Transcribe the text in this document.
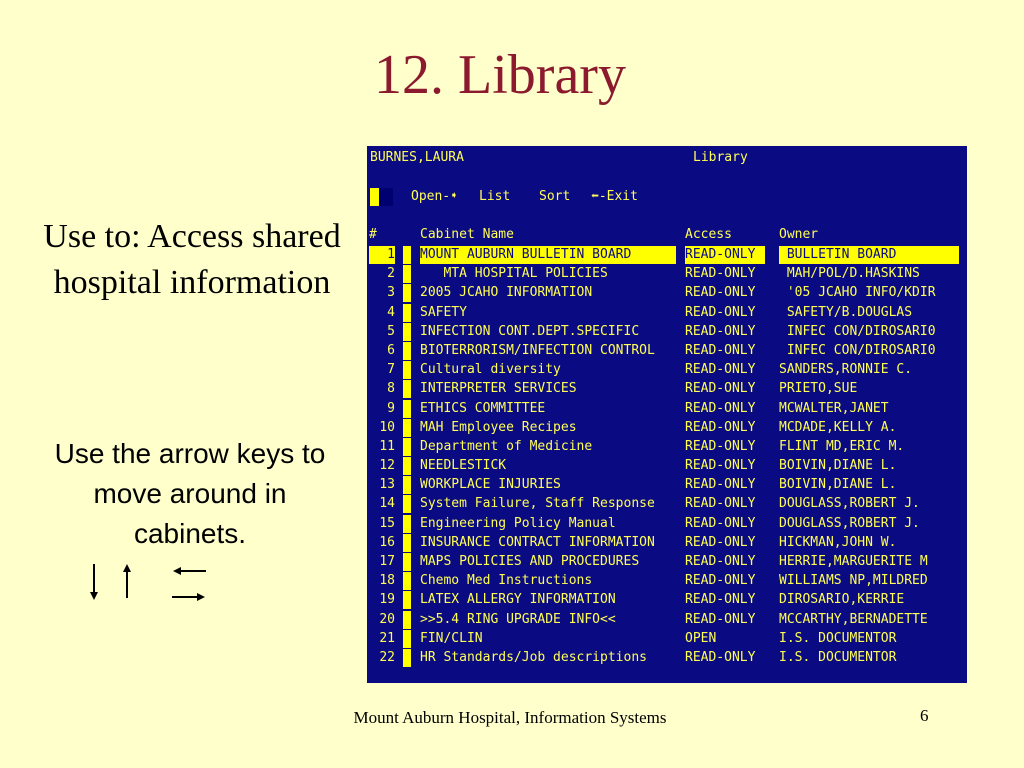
12. Library
Use to: Access shared hospital information
Use the arrow keys to move around in cabinets.
BURNES,LAURA	Library
Open-➧ List Sort ⬅-Exit
#	Cabinet Name	Access	Owner
1 MOUNT AUBURN BULLETIN BOARD	READ-ONLY	BULLETIN BOARD
2 MTA HOSPITAL POLICIES	READ-ONLY	MAH/POL/D.HASKINS
3 2005 JCAHO INFORMATION	READ-ONLY	'05 JCAHO INFO/KDIR
4 SAFETY	READ-ONLY	SAFETY/B.DOUGLAS
5 INFECTION CONT.DEPT.SPECIFIC	READ-ONLY	INFEC CON/DIROSARI0
6 BIOTERRORISM/INFECTION CONTROL	READ-ONLY	INFEC CON/DIROSARI0
7 Cultural diversity	READ-ONLY	SANDERS,RONNIE C.
8 INTERPRETER SERVICES	READ-ONLY	PRIETO,SUE
9 ETHICS COMMITTEE	READ-ONLY	MCWALTER,JANET
10 MAH Employee Recipes	READ-ONLY	MCDADE,KELLY A.
11 Department of Medicine	READ-ONLY	FLINT MD,ERIC M.
12 NEEDLESTICK	READ-ONLY	BOIVIN,DIANE L.
13 WORKPLACE INJURIES	READ-ONLY	BOIVIN,DIANE L.
14 System Failure, Staff Response	READ-ONLY	DOUGLASS,ROBERT J.
15 Engineering Policy Manual	READ-ONLY	DOUGLASS,ROBERT J.
16 INSURANCE CONTRACT INFORMATION	READ-ONLY	HICKMAN,JOHN W.
17 MAPS POLICIES AND PROCEDURES	READ-ONLY	HERRIE,MARGUERITE M
18 Chemo Med Instructions	READ-ONLY	WILLIAMS NP,MILDRED
19 LATEX ALLERGY INFORMATION	READ-ONLY	DIROSARIO,KERRIE
20 >>5.4 RING UPGRADE INFO<<	READ-ONLY	MCCARTHY,BERNADETTE
21 FIN/CLIN	OPEN	I.S. DOCUMENTOR
22 HR Standards/Job descriptions	READ-ONLY	I.S. DOCUMENTOR
Mount Auburn Hospital, Information Systems	6
